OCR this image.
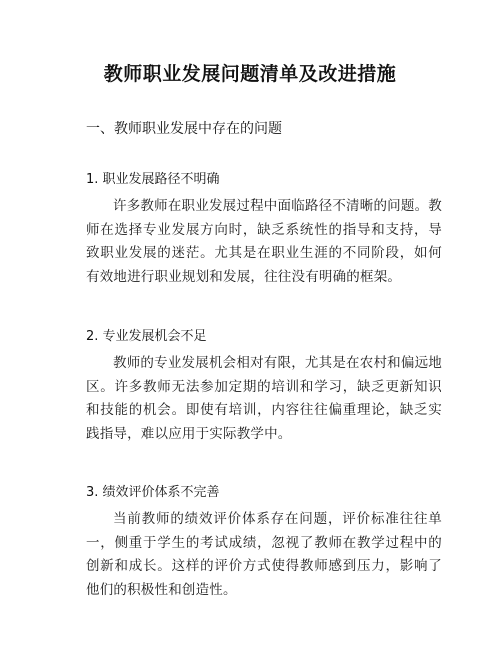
教师职业发展问题清单及改进措施
一、教师职业发展中存在的问题
1. 职业发展路径不明确
许多教师在职业发展过程中面临路径不清晰的问题。教师在选择专业发展方向时，缺乏系统性的指导和支持，导致职业发展的迷茫。尤其是在职业生涯的不同阶段，如何有效地进行职业规划和发展，往往没有明确的框架。
2. 专业发展机会不足
教师的专业发展机会相对有限，尤其是在农村和偏远地区。许多教师无法参加定期的培训和学习，缺乏更新知识和技能的机会。即使有培训，内容往往偏重理论，缺乏实践指导，难以应用于实际教学中。
3. 绩效评价体系不完善
当前教师的绩效评价体系存在问题，评价标准往往单一，侧重于学生的考试成绩，忽视了教师在教学过程中的创新和成长。这样的评价方式使得教师感到压力，影响了他们的积极性和创造性。
